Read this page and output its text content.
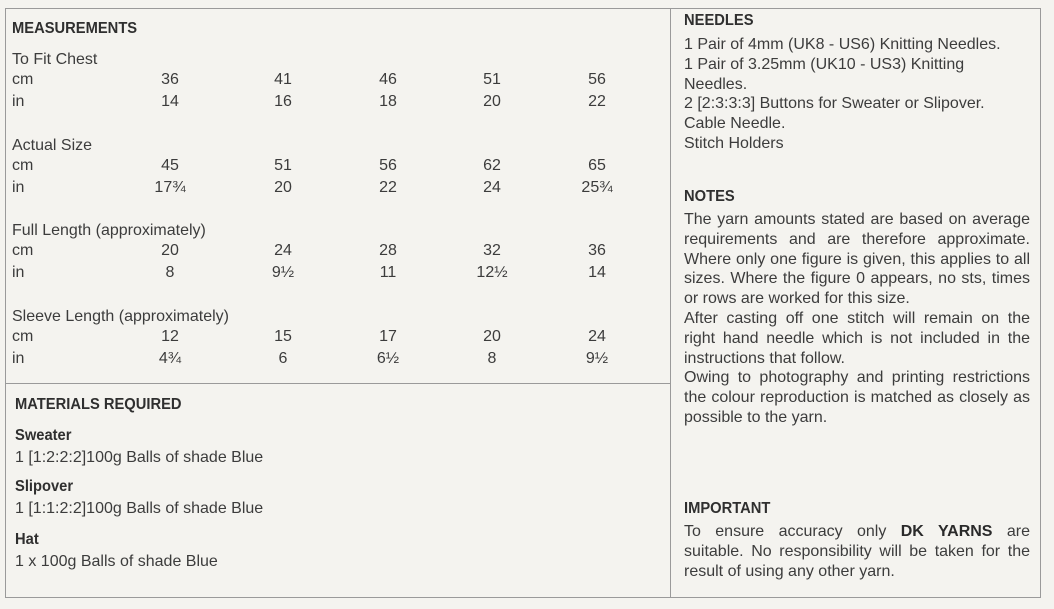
MEASUREMENTS
To Fit Chest
cm	36	41	46	51	56
in	14	16	18	20	22
Actual Size
cm	45	51	56	62	65
in	17¾	20	22	24	25¾
Full Length (approximately)
cm	20	24	28	32	36
in	8	9½	11	12½	14
Sleeve Length (approximately)
cm	12	15	17	20	24
in	4¾	6	6½	8	9½
MATERIALS REQUIRED
Sweater
1 [1:2:2:2]100g Balls of shade Blue
Slipover
1 [1:1:2:2]100g Balls of shade Blue
Hat
1 x 100g Balls of shade Blue
NEEDLES

1 Pair of 4mm (UK8 - US6) Knitting Needles.

1 Pair of 3.25mm (UK10 - US3) Knitting Needles.

2 [2:3:3:3] Buttons for Sweater or Slipover.

Cable Needle.

Stitch Holders

NOTES

The yarn amounts stated are based on average requirements and are therefore approximate. Where only one figure is given, this applies to all sizes. Where the figure 0 appears, no sts, times or rows are worked for this size.

After casting off one stitch will remain on the right hand needle which is not included in the instructions that follow.

Owing to photography and printing restrictions the colour reproduction is matched as closely as possible to the yarn.

IMPORTANT

To ensure accuracy only DK YARNS are suitable. No responsibility will be taken for the result of using any other yarn.
